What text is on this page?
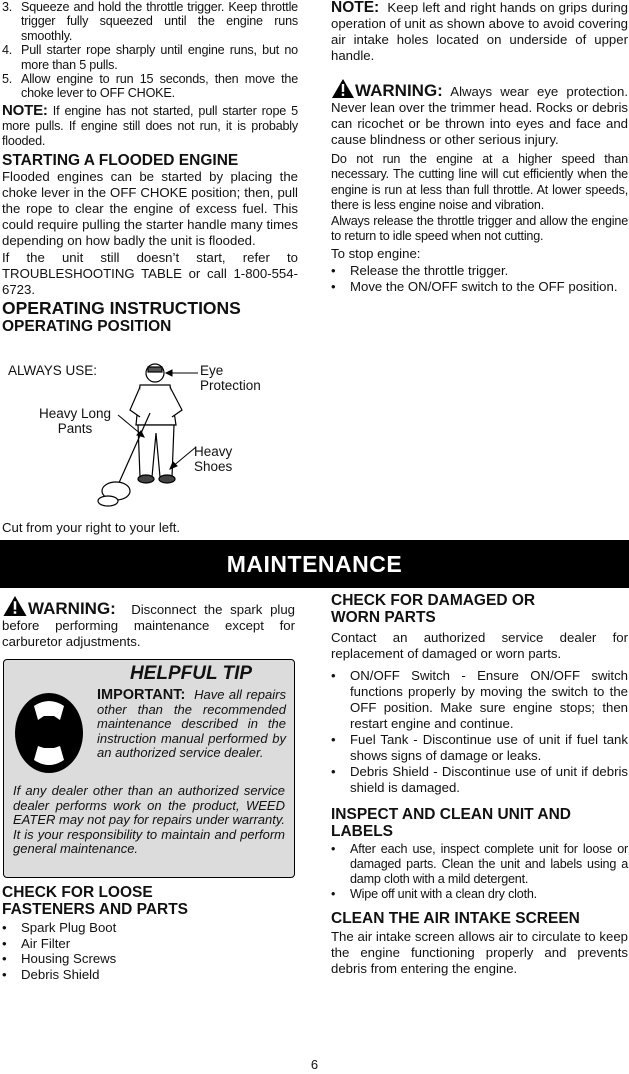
3. Squeeze and hold the throttle trigger. Keep throttle trigger fully squeezed until the engine runs smoothly.
4. Pull starter rope sharply until engine runs, but no more than 5 pulls.
5. Allow engine to run 15 seconds, then move the choke lever to OFF CHOKE.

NOTE: If engine has not started, pull starter rope 5 more pulls. If engine still does not run, it is probably flooded.

STARTING A FLOODED ENGINE

Flooded engines can be started by placing the choke lever in the OFF CHOKE position; then, pull the rope to clear the engine of excess fuel. This could require pulling the starter handle many times depending on how badly the unit is flooded.

If the unit still doesn’t start, refer to TROUBLESHOOTING TABLE or call 1-800-554-6723.

OPERATING INSTRUCTIONS
OPERATING POSITION
ALWAYS USE:	Eye Protection
Heavy Long Pants
Heavy Shoes
Cut from your right to your left.

NOTE: Keep left and right hands on grips during operation of unit as shown above to avoid covering air intake holes located on underside of upper handle.

WARNING: Always wear eye protection. Never lean over the trimmer head. Rocks or debris can ricochet or be thrown into eyes and face and cause blindness or other serious injury.

Do not run the engine at a higher speed than necessary. The cutting line will cut efficiently when the engine is run at less than full throttle. At lower speeds, there is less engine noise and vibration.

Always release the throttle trigger and allow the engine to return to idle speed when not cutting.

To stop engine:

• Release the throttle trigger.
• Move the ON/OFF switch to the OFF position.
MAINTENANCE

WARNING: Disconnect the spark plug before performing maintenance except for carburetor adjustments.

HELPFUL TIP
IMPORTANT: Have all repairs other than the recommended maintenance described in the instruction manual performed by an authorized service dealer.
If any dealer other than an authorized service dealer performs work on the product, WEED EATER may not pay for repairs under warranty. It is your responsibility to maintain and perform general maintenance.
CHECK FOR LOOSE FASTENERS AND PARTS
• Spark Plug Boot
• Air Filter
• Housing Screws
• Debris Shield
CHECK FOR DAMAGED OR WORN PARTS

Contact an authorized service dealer for replacement of damaged or worn parts.

• ON/OFF Switch - Ensure ON/OFF switch functions properly by moving the switch to the OFF position. Make sure engine stops; then restart engine and continue.
• Fuel Tank - Discontinue use of unit if fuel tank shows signs of damage or leaks.
• Debris Shield - Discontinue use of unit if debris shield is damaged.
INSPECT AND CLEAN UNIT AND LABELS
• After each use, inspect complete unit for loose or damaged parts. Clean the unit and labels using a damp cloth with a mild detergent.
• Wipe off unit with a clean dry cloth.
CLEAN THE AIR INTAKE SCREEN

The air intake screen allows air to circulate to keep the engine functioning properly and prevents debris from entering the engine.

6
